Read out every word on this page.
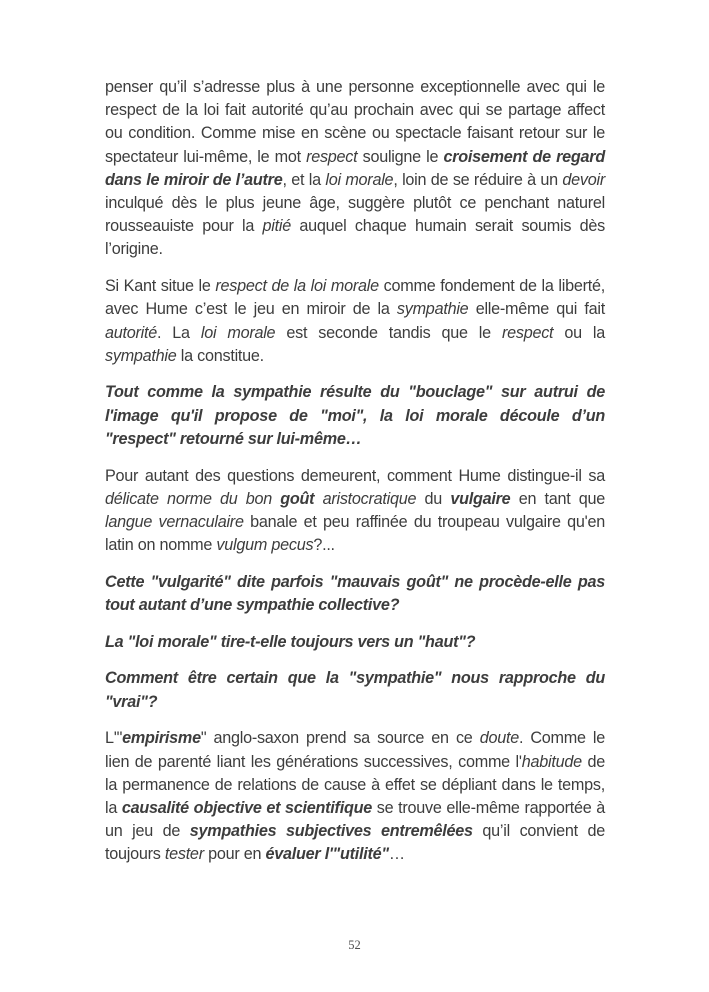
penser qu’il s’adresse plus à une personne exceptionnelle avec qui le respect de la loi fait autorité qu’au prochain avec qui se partage affect ou condition. Comme mise en scène ou spectacle faisant retour sur le spectateur lui-même, le mot respect souligne le croisement de regard dans le miroir de l’autre, et la loi morale, loin de se réduire à un devoir inculqué dès le plus jeune âge, suggère plutôt ce penchant naturel rousseauiste pour la pitié auquel chaque humain serait soumis dès l’origine.

Si Kant situe le respect de la loi morale comme fondement de la liberté, avec Hume c’est le jeu en miroir de la sympathie elle-même qui fait autorité. La loi morale est seconde tandis que le respect ou la sympathie la constitue.

Tout comme la sympathie résulte du "bouclage" sur autrui de l'image qu'il propose de "moi", la loi morale découle d’un "respect" retourné sur lui-même…

Pour autant des questions demeurent, comment Hume distingue-il sa délicate norme du bon goût aristocratique du vulgaire en tant que langue vernaculaire banale et peu raffinée du troupeau vulgaire qu'en latin on nomme vulgum pecus?...

Cette "vulgarité" dite parfois "mauvais goût" ne procède-elle pas tout autant d’une sympathie collective?

La "loi morale" tire-t-elle toujours vers un "haut"?

Comment être certain que la "sympathie" nous rapproche du "vrai"?

L'"empirisme" anglo-saxon prend sa source en ce doute. Comme le lien de parenté liant les générations successives, comme l'habitude de la permanence de relations de cause à effet se dépliant dans le temps, la causalité objective et scientifique se trouve elle-même rapportée à un jeu de sympathies subjectives entremêlées qu’il convient de toujours tester pour en évaluer l'"utilité"…

52
